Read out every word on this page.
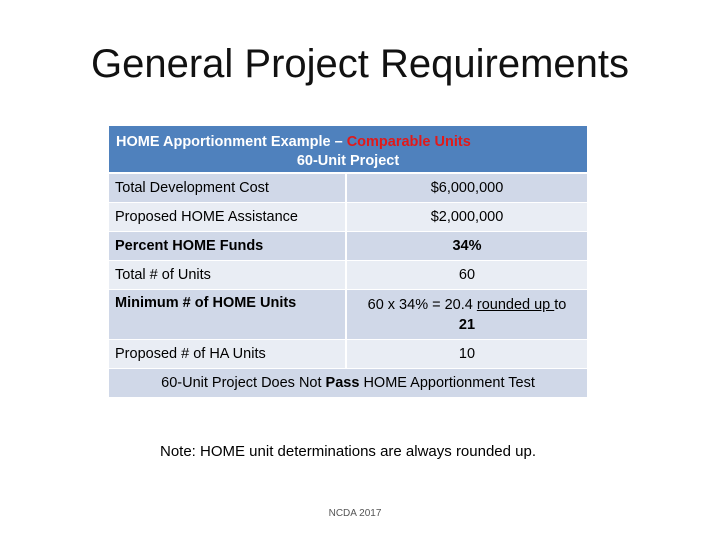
General Project Requirements
HOME Apportionment Example – Comparable Units
60-Unit Project
Total Development Cost	$6,000,000
Proposed HOME Assistance	$2,000,000
Percent HOME Funds	34%
Total # of Units	60
Minimum # of HOME Units	60 x 34% = 20.4 rounded up to
21
Proposed # of HA Units	10
60-Unit Project Does Not Pass HOME Apportionment Test
Note: HOME unit determinations are always rounded up.
NCDA 2017
